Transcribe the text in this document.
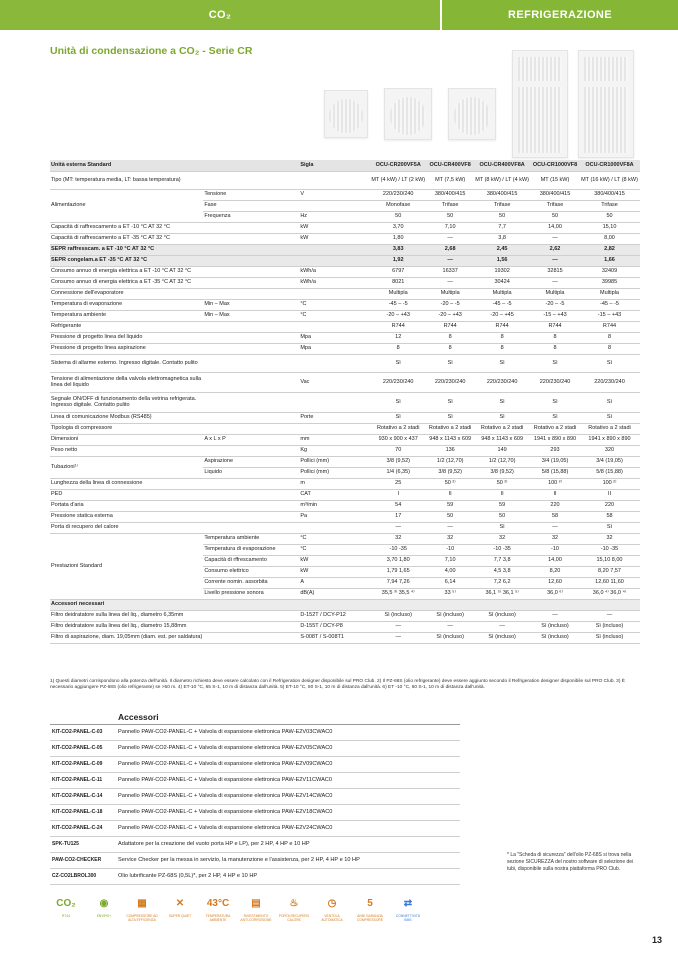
CO₂	REFRIGERAZIONE
Unità di condensazione a CO₂ - Serie CR
Unità esterna Standard		Sigla	OCU-CR200VF5A	OCU-CR400VF8	OCU-CR400VF8A	OCU-CR1000VF8	OCU-CR1000VF8A
Tipo (MT: temperatura media, LT: bassa temperatura)			MT (4 kW) / LT (2 kW)	MT (7,5 kW)	MT (8 kW) / LT (4 kW)	MT (15 kW)	MT (16 kW) / LT (8 kW)
Alimentazione	Tensione	V	220/230/240	380/400/415	380/400/415	380/400/415	380/400/415
	Fase		Monofase	Trifase	Trifase	Trifase	Trifase
	Frequenza	Hz	50	50	50	50	50
Capacità di raffrescamento a ET -10 °C AT 32 °C		kW	3,70	7,10	7,7	14,00	15,10
Capacità di raffrescamento a ET -35 °C AT 32 °C		kW	1,80	—	3,8	—	8,00
SEPR raffresscam. a ET -10 °C AT 32 °C			3,83	2,68	2,45	2,62	2,82
SEPR congelam.a ET -35 °C AT 32 °C			1,92	—	1,56	—	1,66
Consumo annuo di energia elettrica a ET -10 °C AT 32 °C		kWh/a	6797	16337	19302	32815	32409
Consumo annuo di energia elettrica a ET -35 °C AT 32 °C		kWh/a	8021	—	30424	—	39985
Connessione dell'evaporatore			Multipla	Multipla	Multipla	Multipla	Multipla
Temperatura di evaporazione	Min – Max	°C	-45 – -5	-20 – -5	-45 – -5	-20 – -5	-45 – -5
Temperatura ambiente	Min – Max	°C	-20 – +43	-20 – +43	-20 – +45	-15 – +43	-15 – +43
Refrigerante			R744	R744	R744	R744	R744
Pressione di progetto linea del liquido		Mpa	12	8	8	8	8
Pressione di progetto linea aspirazione		Mpa	8	8	8	8	8
Sistema di allarme esterno. Ingresso digitale. Contatto pulito			Sì	Sì	Sì	Sì	Sì
Tensione di alimentazione della valvola elettromagnetica sulla linea del liquido		Vac	220/230/240	220/230/240	220/230/240	220/230/240	220/230/240
Segnale ON/OFF di funzionamento della vetrina refrigerata. Ingresso digitale. Contatto pulito			Sì	Sì	Sì	Sì	Sì
Linea di comunicazione Modbus (RS485)		Porte	Sì	Sì	Sì	Sì	Sì
Tipologia di compressore			Rotativo a 2 stadi	Rotativo a 2 stadi	Rotativo a 2 stadi	Rotativo a 2 stadi	Rotativo a 2 stadi
Dimensioni	A x L x P	mm	930 x 900 x 437	948 x 1143 x 609	948 x 1143 x 609	1941 x 890 x 890	1941 x 890 x 890
Peso netto		Kg	70	136	149	293	320
Tubazioni¹⁾	Aspirazione	Pollici (mm)	3/8 (9,52)	1/2 (12,70)	1/2 (12,70)	3/4 (19,05)	3/4 (19,05)
	Liquido	Pollici (mm)	1/4 (6,35)	3/8 (9,52)	3/8 (9,52)	5/8 (15,88)	5/8 (15,88)
Lunghezza della linea di connessione		m	25	50 ²⁾	50 ²⁾	100 ²⁾	100 ²⁾
PED		CAT	I	II	II	II	II
Portata d'aria		m³/min	54	59	59	220	220
Pressione statica esterna		Pa	17	50	50	58	58
Porta di recupero del calore			—	—	Sì	—	Sì
Prestazioni Standard	Temperatura ambiente	°C	32	32	32	32	32
	Temperatura di evaporazione	°C	-10 -35	-10	-10 -35	-10	-10 -35
	Capacità di rffrescamento	kW	3,70 1,80	7,10	7,7 3,8	14,00	15,10 8,00
	Consumo elettrico	kW	1,79 1,65	4,00	4,5 3,8	8,20	8,20 7,57
	Corrente nomin. assorbita	A	7,94 7,26	6,14	7,2 6,2	12,60	12,60 11,60
	Livello pressione sonora	dB(A)	35,5 ³⁾ 35,5 ⁴⁾	33 ⁵⁾	36,1 ⁵⁾ 36,1 ⁵⁾	36,0 ⁶⁾	36,0 ⁴⁾ 36,0 ⁴⁾
Accessori necessari							
Filtro deidratatore sulla linea del liq., diametro 6,35mm		D-152T / DCY-P12	Sì (incluso)	Sì (incluso)	Sì (incluso)	—	—
Filtro deidratatore sulla linea del liq., diametro 15,88mm		D-155T / DCY-P8	—	—	—	Sì (incluso)	Sì (incluso)
Filtro di aspirazione, diam. 19,05mm (diam. est. per saldatura)		S-008T / S-008T1	—	Sì (incluso)	Sì (incluso)	Sì (incluso)	Sì (incluso)
1) Questi diametri corrispondono alla potenza dell'unità. Il diametro richiesto deve essere calcolato con il Refrigeration designer disponibile sul PRO Club. 2) Il PZ-68S (olio refrigerante) deve essere aggiunto secondo il Refrigeration designer disponibile sul PRO Club. 3) È necessario aggiungere PZ-68S (olio refrigerante) se >50 m. 4) ET-10 °C, 65 S-1, 10 m di distanza dall'unità. 5) ET-10 °C, 80 S-1, 10 m di distanza dall'unità. 6) ET -10 °C, 60 S-1, 10 m di distanza dall'unità.
	Accessori
KIT-CO2-PANEL-C-03	Pannello PAW-CO2-PANEL-C + Valvola di espansione elettronica PAW-E2V03CWAC0
KIT-CO2-PANEL-C-05	Pannello PAW-CO2-PANEL-C + Valvola di espansione elettronica PAW-E2V05CWAC0
KIT-CO2-PANEL-C-09	Pannello PAW-CO2-PANEL-C + Valvola di espansione elettronica PAW-E2V09CWAC0
KIT-CO2-PANEL-C-11	Pannello PAW-CO2-PANEL-C + Valvola di espansione elettronica PAW-E2V11CWAC0
KIT-CO2-PANEL-C-14	Pannello PAW-CO2-PANEL-C + Valvola di espansione elettronica PAW-E2V14CWAC0
KIT-CO2-PANEL-C-18	Pannello PAW-CO2-PANEL-C + Valvola di espansione elettronica PAW-E2V18CWAC0
KIT-CO2-PANEL-C-24	Pannello PAW-CO2-PANEL-C + Valvola di espansione elettronica PAW-E2V24CWAC0
SPK-TU125	Adattatore per la creazione del vuoto porta HP e LP), per 2 HP, 4 HP e 10 HP
PAW-CO2-CHECKER	Service Checker per la messa in servizio, la manutenzione e l'assistenza, per 2 HP, 4 HP e 10 HP
CZ-CO2LBROL300	Olio lubrificante PZ-68S (0,5L)*, per 2 HP, 4 HP e 10 HP
* La "Scheda di sicurezza" dell'olio PZ-68S si trova nella sezione SICUREZZA del nostro software di selezione dei tubi, disponibile sulla nostra piattaforma PRO Club.
CO₂
R744
◉
ENVIRO+
▦
COMPRESSORE AD ALTA EFFICIENZA
✕
SUPER QUIET
43°C
TEMPERATURA AMBIENTE
▤
RIVESTIMENTO ANTI-CORROSIONE
♨
PORTA RECUPERO CALORE
◷
VENTOLA AUTOMATICA
5
ANNI GARANZIA COMPRESSORE
⇄
CONNETTIVITÀ BMS
13
